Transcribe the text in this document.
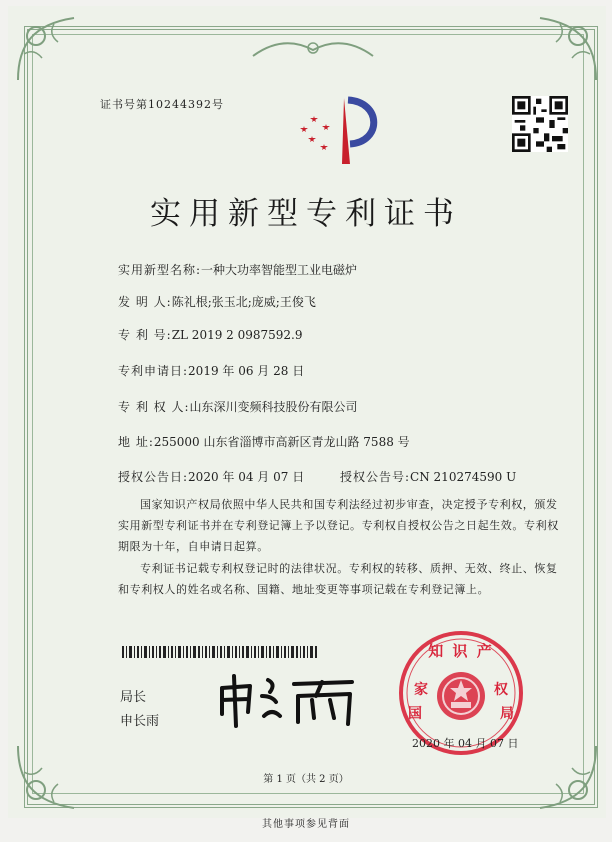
证书号第10244392号
实用新型专利证书
实用新型名称:一种大功率智能型工业电磁炉
发 明 人:陈礼根;张玉北;庞威;王俊飞
专 利 号:ZL 2019 2 0987592.9
专利申请日:2019 年 06 月 28 日
专 利 权 人:山东深川变频科技股份有限公司
地 址:255000 山东省淄博市高新区青龙山路 7588 号
授权公告日:2020 年 04 月 07 日	授权公告号:CN 210274590 U
国家知识产权局依照中华人民共和国专利法经过初步审查，决定授予专利权，颁发实用新型专利证书并在专利登记簿上予以登记。专利权自授权公告之日起生效。专利权期限为十年，自申请日起算。
专利证书记载专利权登记时的法律状况。专利权的转移、质押、无效、终止、恢复和专利权人的姓名或名称、国籍、地址变更等事项记载在专利登记簿上。
局长
申长雨
知 识 产
家	权
国	局
2020 年 04 月 07 日
第 1 页（共 2 页）
其他事项参见背面
